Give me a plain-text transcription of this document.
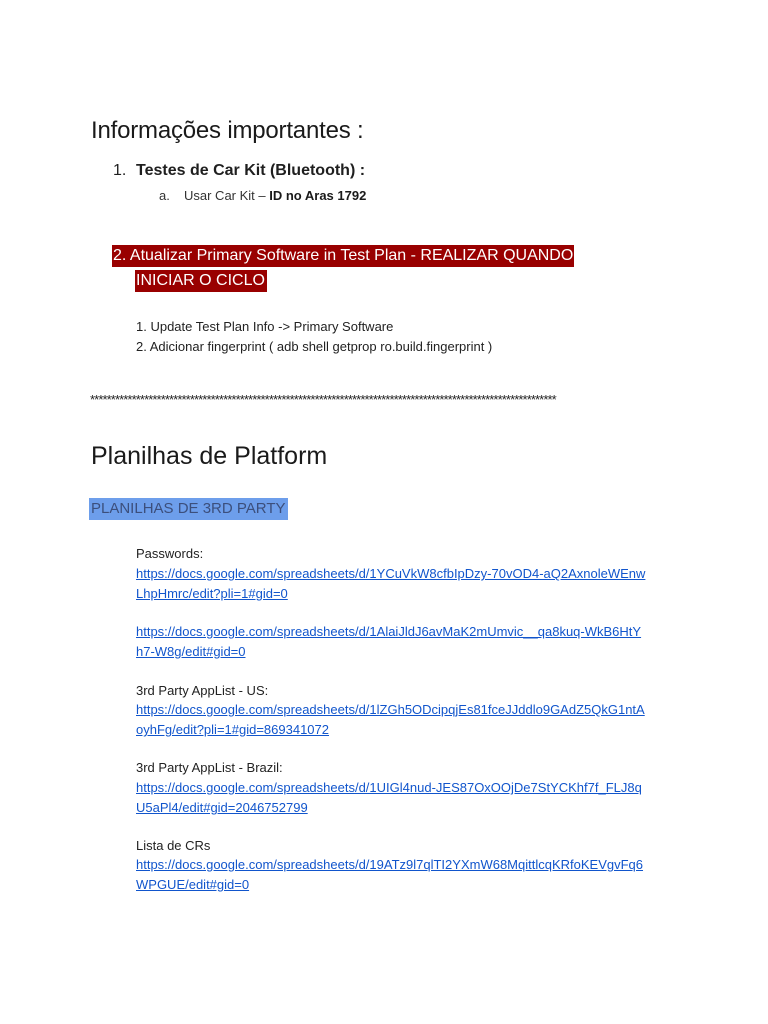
Informações importantes :
1. Testes de Car Kit (Bluetooth) :
a. Usar Car Kit – ID no Aras 1792
2. Atualizar Primary Software in Test Plan - REALIZAR QUANDO
INICIAR O CICLO
1. Update Test Plan Info -> Primary Software
2. Adicionar fingerprint ( adb shell getprop ro.build.fingerprint )
****************************************************************************************************************
Planilhas de Platform
PLANILHAS DE 3RD PARTY
Passwords:
https://docs.google.com/spreadsheets/d/1YCuVkW8cfbIpDzy-70vOD4-aQ2AxnoleWEnw
LhpHmrc/edit?pli=1#gid=0
https://docs.google.com/spreadsheets/d/1AlaiJldJ6avMaK2mUmvic__qa8kuq-WkB6HtY
h7-W8g/edit#gid=0
3rd Party AppList - US:
https://docs.google.com/spreadsheets/d/1lZGh5ODcipqjEs81fceJJddlo9GAdZ5QkG1ntA
oyhFg/edit?pli=1#gid=869341072
3rd Party AppList - Brazil:
https://docs.google.com/spreadsheets/d/1UIGl4nud-JES87OxOOjDe7StYCKhf7f_FLJ8q
U5aPl4/edit#gid=2046752799
Lista de CRs
https://docs.google.com/spreadsheets/d/19ATz9l7qlTI2YXmW68MqittlcqKRfoKEVgvFq6
WPGUE/edit#gid=0
